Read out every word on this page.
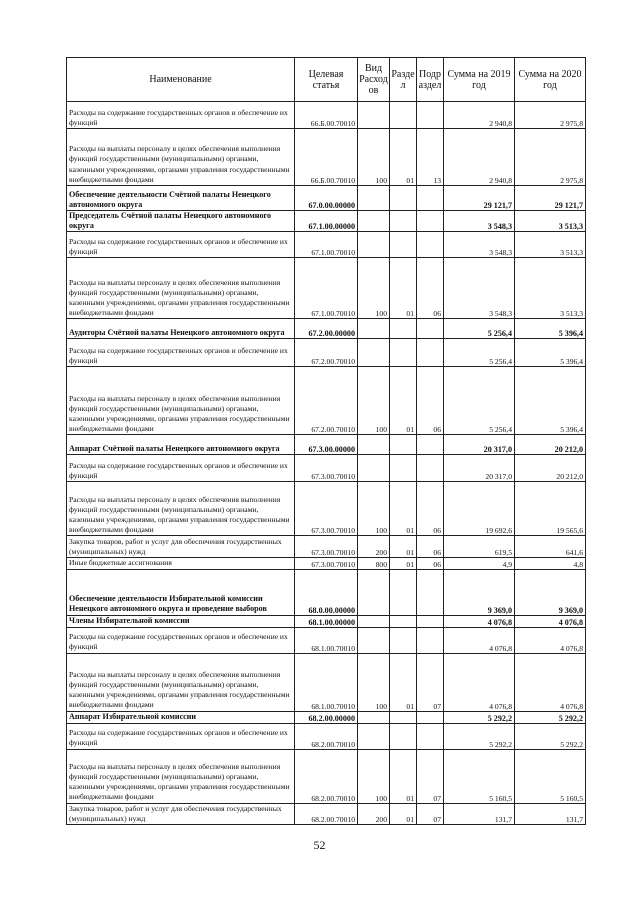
Наименование	Целевая статья	Вид Расход ов	Разде л	Подр аздел	Сумма на 2019 год	Сумма на 2020 год
Расходы на содержание государственных органов и обеспечение их функций	66.Б.00.70010				2 940,8	2 975,8
Расходы на выплаты персоналу в целях обеспечения выполнения функций государственными (муниципальными) органами, казенными учреждениями, органами управления государственными внебюджетными фондами	66.Б.00.70010	100	01	13	2 940,8	2 975,8
Обеспечение деятельности Счётной палаты Ненецкого автономного округа	67.0.00.00000				29 121,7	29 121,7
Председатель Счётной палаты Ненецкого автономного округа	67.1.00.00000				3 548,3	3 513,3
Расходы на содержание государственных органов и обеспечение их функций	67.1.00.70010				3 548,3	3 513,3
Расходы на выплаты персоналу в целях обеспечения выполнения функций государственными (муниципальными) органами, казенными учреждениями, органами управления государственными внебюджетными фондами	67.1.00.70010	100	01	06	3 548,3	3 513,3
Аудиторы Счётной палаты Ненецкого автономного округа	67.2.00.00000				5 256,4	5 396,4
Расходы на содержание государственных органов и обеспечение их функций	67.2.00.70010				5 256,4	5 396,4
Расходы на выплаты персоналу в целях обеспечения выполнения функций государственными (муниципальными) органами, казенными учреждениями, органами управления государственными внебюджетными фондами	67.2.00.70010	100	01	06	5 256,4	5 396,4
Аппарат Счётной палаты Ненецкого автономного округа	67.3.00.00000				20 317,0	20 212,0
Расходы на содержание государственных органов и обеспечение их функций	67.3.00.70010				20 317,0	20 212,0
Расходы на выплаты персоналу в целях обеспечения выполнения функций государственными (муниципальными) органами, казенными учреждениями, органами управления государственными внебюджетными фондами	67.3.00.70010	100	01	06	19 692,6	19 565,6
Закупка товаров, работ и услуг для обеспечения государственных (муниципальных) нужд	67.3.00.70010	200	01	06	619,5	641,6
Иные бюджетные ассигнования	67.3.00.70010	800	01	06	4,9	4,8
Обеспечение деятельности Избирательной комиссии Ненецкого автономного округа и проведение выборов	68.0.00.00000				9 369,0	9 369,0
Члены Избирательной комиссии	68.1.00.00000				4 076,8	4 076,8
Расходы на содержание государственных органов и обеспечение их функций	68.1.00.70010				4 076,8	4 076,8
Расходы на выплаты персоналу в целях обеспечения выполнения функций государственными (муниципальными) органами, казенными учреждениями, органами управления государственными внебюджетными фондами	68.1.00.70010	100	01	07	4 076,8	4 076,8
Аппарат Избирательной комиссии	68.2.00.00000				5 292,2	5 292,2
Расходы на содержание государственных органов и обеспечение их функций	68.2.00.70010				5 292,2	5 292,2
Расходы на выплаты персоналу в целях обеспечения выполнения функций государственными (муниципальными) органами, казенными учреждениями, органами управления государственными внебюджетными фондами	68.2.00.70010	100	01	07	5 160,5	5 160,5
Закупка товаров, работ и услуг для обеспечения государственных (муниципальных) нужд	68.2.00.70010	200	01	07	131,7	131,7
52
